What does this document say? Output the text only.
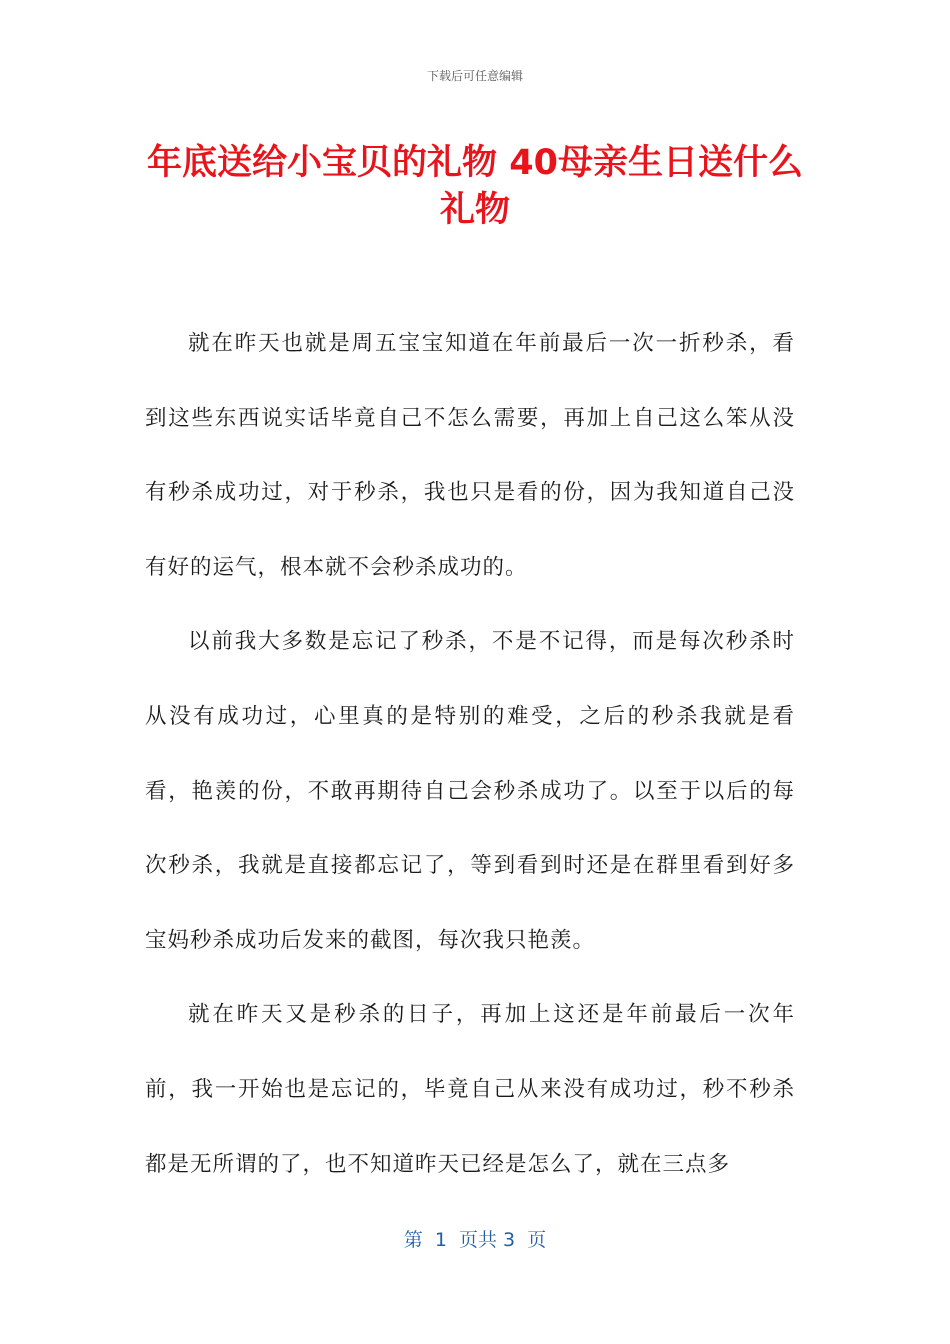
下载后可任意编辑
年底送给小宝贝的礼物 40母亲生日送什么礼物

就在昨天也就是周五宝宝知道在年前最后一次一折秒杀，看到这些东西说实话毕竟自己不怎么需要，再加上自己这么笨从没有秒杀成功过，对于秒杀，我也只是看的份，因为我知道自己没有好的运气，根本就不会秒杀成功的。

以前我大多数是忘记了秒杀，不是不记得，而是每次秒杀时从没有成功过，心里真的是特别的难受，之后的秒杀我就是看看，艳羡的份，不敢再期待自己会秒杀成功了。以至于以后的每次秒杀，我就是直接都忘记了，等到看到时还是在群里看到好多宝妈秒杀成功后发来的截图，每次我只艳羡。

就在昨天又是秒杀的日子，再加上这还是年前最后一次年前，我一开始也是忘记的，毕竟自己从来没有成功过，秒不秒杀都是无所谓的了，也不知道昨天已经是怎么了，就在三点多

第  1  页共 3  页
